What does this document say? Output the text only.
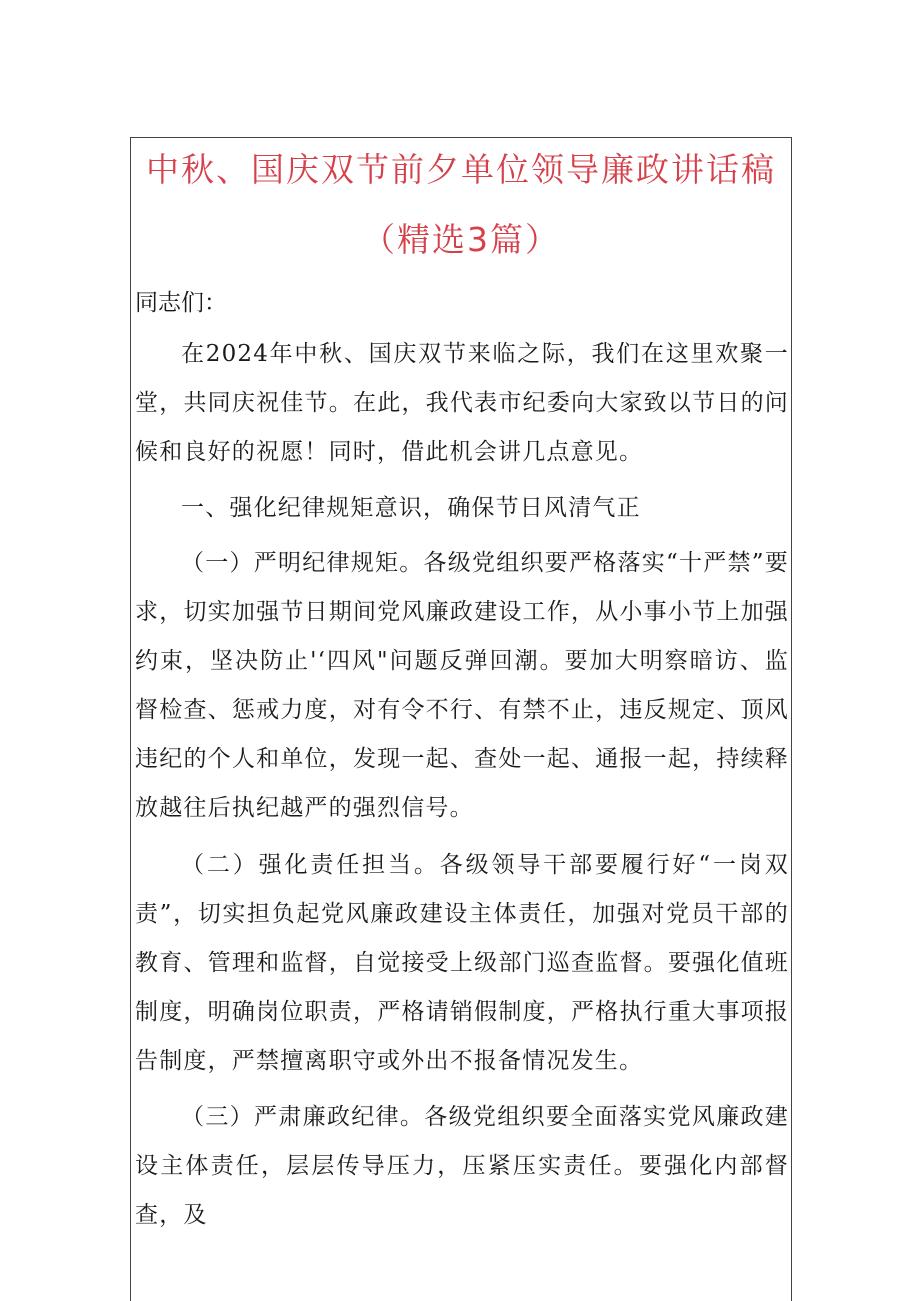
中秋、国庆双节前夕单位领导廉政讲话稿
（精选3篇）
同志们：

在2024年中秋、国庆双节来临之际，我们在这里欢聚一堂，共同庆祝佳节。在此，我代表市纪委向大家致以节日的问候和良好的祝愿！同时，借此机会讲几点意见。

一、强化纪律规矩意识，确保节日风清气正

（一）严明纪律规矩。各级党组织要严格落实“十严禁”要求，切实加强节日期间党风廉政建设工作，从小事小节上加强约束，坚决防止'‘四风"问题反弹回潮。要加大明察暗访、监督检查、惩戒力度，对有令不行、有禁不止，违反规定、顶风违纪的个人和单位，发现一起、查处一起、通报一起，持续释放越往后执纪越严的强烈信号。

（二）强化责任担当。各级领导干部要履行好“一岗双责”，切实担负起党风廉政建设主体责任，加强对党员干部的教育、管理和监督，自觉接受上级部门巡查监督。要强化值班制度，明确岗位职责，严格请销假制度，严格执行重大事项报告制度，严禁擅离职守或外出不报备情况发生。

（三）严肃廉政纪律。各级党组织要全面落实党风廉政建设主体责任，层层传导压力，压紧压实责任。要强化内部督查，及
